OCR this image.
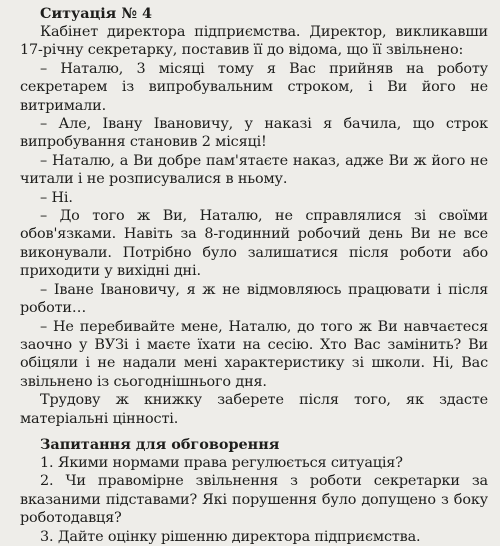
Ситуація № 4

Кабінет директора підприємства. Директор, викликавши 17-річну секретарку, поставив її до відома, що її звільнено:

– Наталю, 3 місяці тому я Вас прийняв на роботу секретарем із випробувальним строком, і Ви його не витримали.

– Але, Івану Івановичу, у наказі я бачила, що строк випробування становив 2 місяці!

– Наталю, а Ви добре пам'ятаєте наказ, адже Ви ж його не читали і не розписувалися в ньому.

– Ні.

– До того ж Ви, Наталю, не справлялися зі своїми обов'язками. Навіть за 8-годинний робочий день Ви не все виконували. Потрібно було залишатися після роботи або приходити у вихідні дні.

– Іване Івановичу, я ж не відмовляюсь працювати і після роботи…

– Не перебивайте мене, Наталю, до того ж Ви навчаєтеся заочно у ВУЗі і маєте їхати на сесію. Хто Вас замінить? Ви обіцяли і не надали мені характеристику зі школи. Ні, Вас звільнено із сьогоднішнього дня.

Трудову ж книжку заберете після того, як здасте матеріальні цінності.

Запитання для обговорення

1. Якими нормами права регулюється ситуація?

2. Чи правомірне звільнення з роботи секретарки за вказаними підставами? Які порушення було допущено з боку роботодавця?

3. Дайте оцінку рішенню директора підприємства.
